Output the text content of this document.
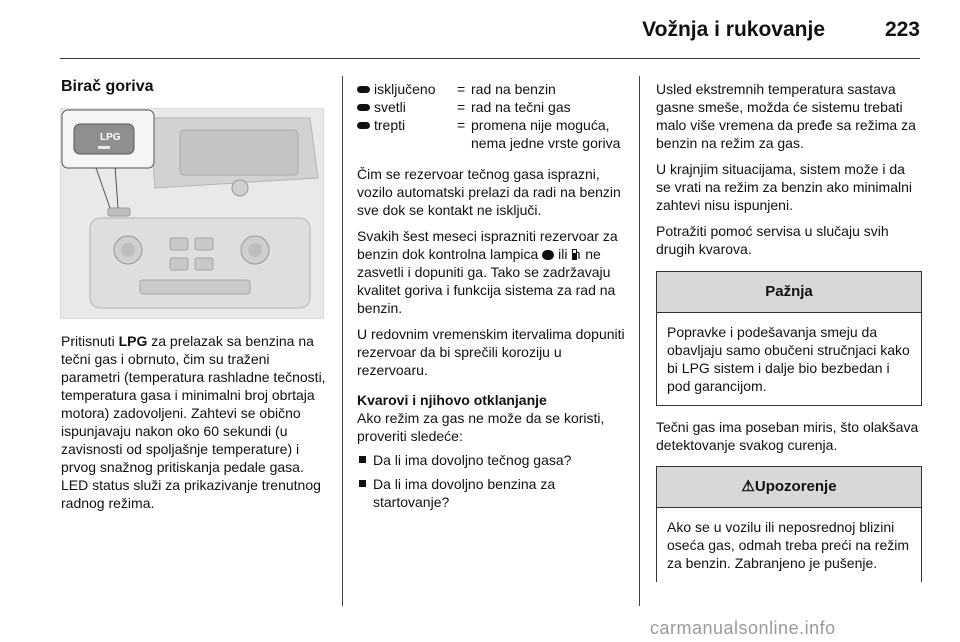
Vožnja i rukovanje	223
Birač goriva
LPG

Pritisnuti LPG za prelazak sa benzina na tečni gas i obrnuto, čim su traženi parametri (temperatura rashladne tečnosti, temperatura gasa i minimalni broj obrtaja motora) zadovoljeni. Zahtevi se obično ispunjavaju nakon oko 60 sekundi (u zavisnosti od spoljašnje temperature) i prvog snažnog pritiskanja pedale gasa. LED status služi za prikazivanje trenutnog radnog režima.

isključeno	=	rad na benzin
svetli	=	rad na tečni gas
trepti	=	promena nije moguća, nema jedne vrste goriva

Čim se rezervoar tečnog gasa isprazni, vozilo automatski prelazi da radi na benzin sve dok se kontakt ne isključi.

Svakih šest meseci isprazniti rezervoar za benzin dok kontrolna lampica  ili  ne zasvetli i dopuniti ga. Tako se zadržavaju kvalitet goriva i funkcija sistema za rad na benzin.

U redovnim vremenskim itervalima dopuniti rezervoar da bi sprečili koroziju u rezervoaru.

Kvarovi i njihovo otklanjanje

Ako režim za gas ne može da se koristi, proveriti sledeće:

Da li ima dovoljno tečnog gasa?
Da li ima dovoljno benzina za startovanje?

Usled ekstremnih temperatura sastava gasne smeše, možda će sistemu trebati malo više vremena da pređe sa režima za benzin na režim za gas.

U krajnjim situacijama, sistem može i da se vrati na režim za benzin ako minimalni zahtevi nisu ispunjeni.

Potražiti pomoć servisa u slučaju svih drugih kvarova.

Pažnja
Popravke i podešavanja smeju da obavljaju samo obučeni stručnjaci kako bi LPG sistem i dalje bio bezbedan i pod garancijom.

Tečni gas ima poseban miris, što olakšava detektovanje svakog curenja.

⚠Upozorenje
Ako se u vozilu ili neposrednoj blizini oseća gas, odmah treba preći na režim za benzin. Zabranjeno je pušenje.
carmanualsonline.info
